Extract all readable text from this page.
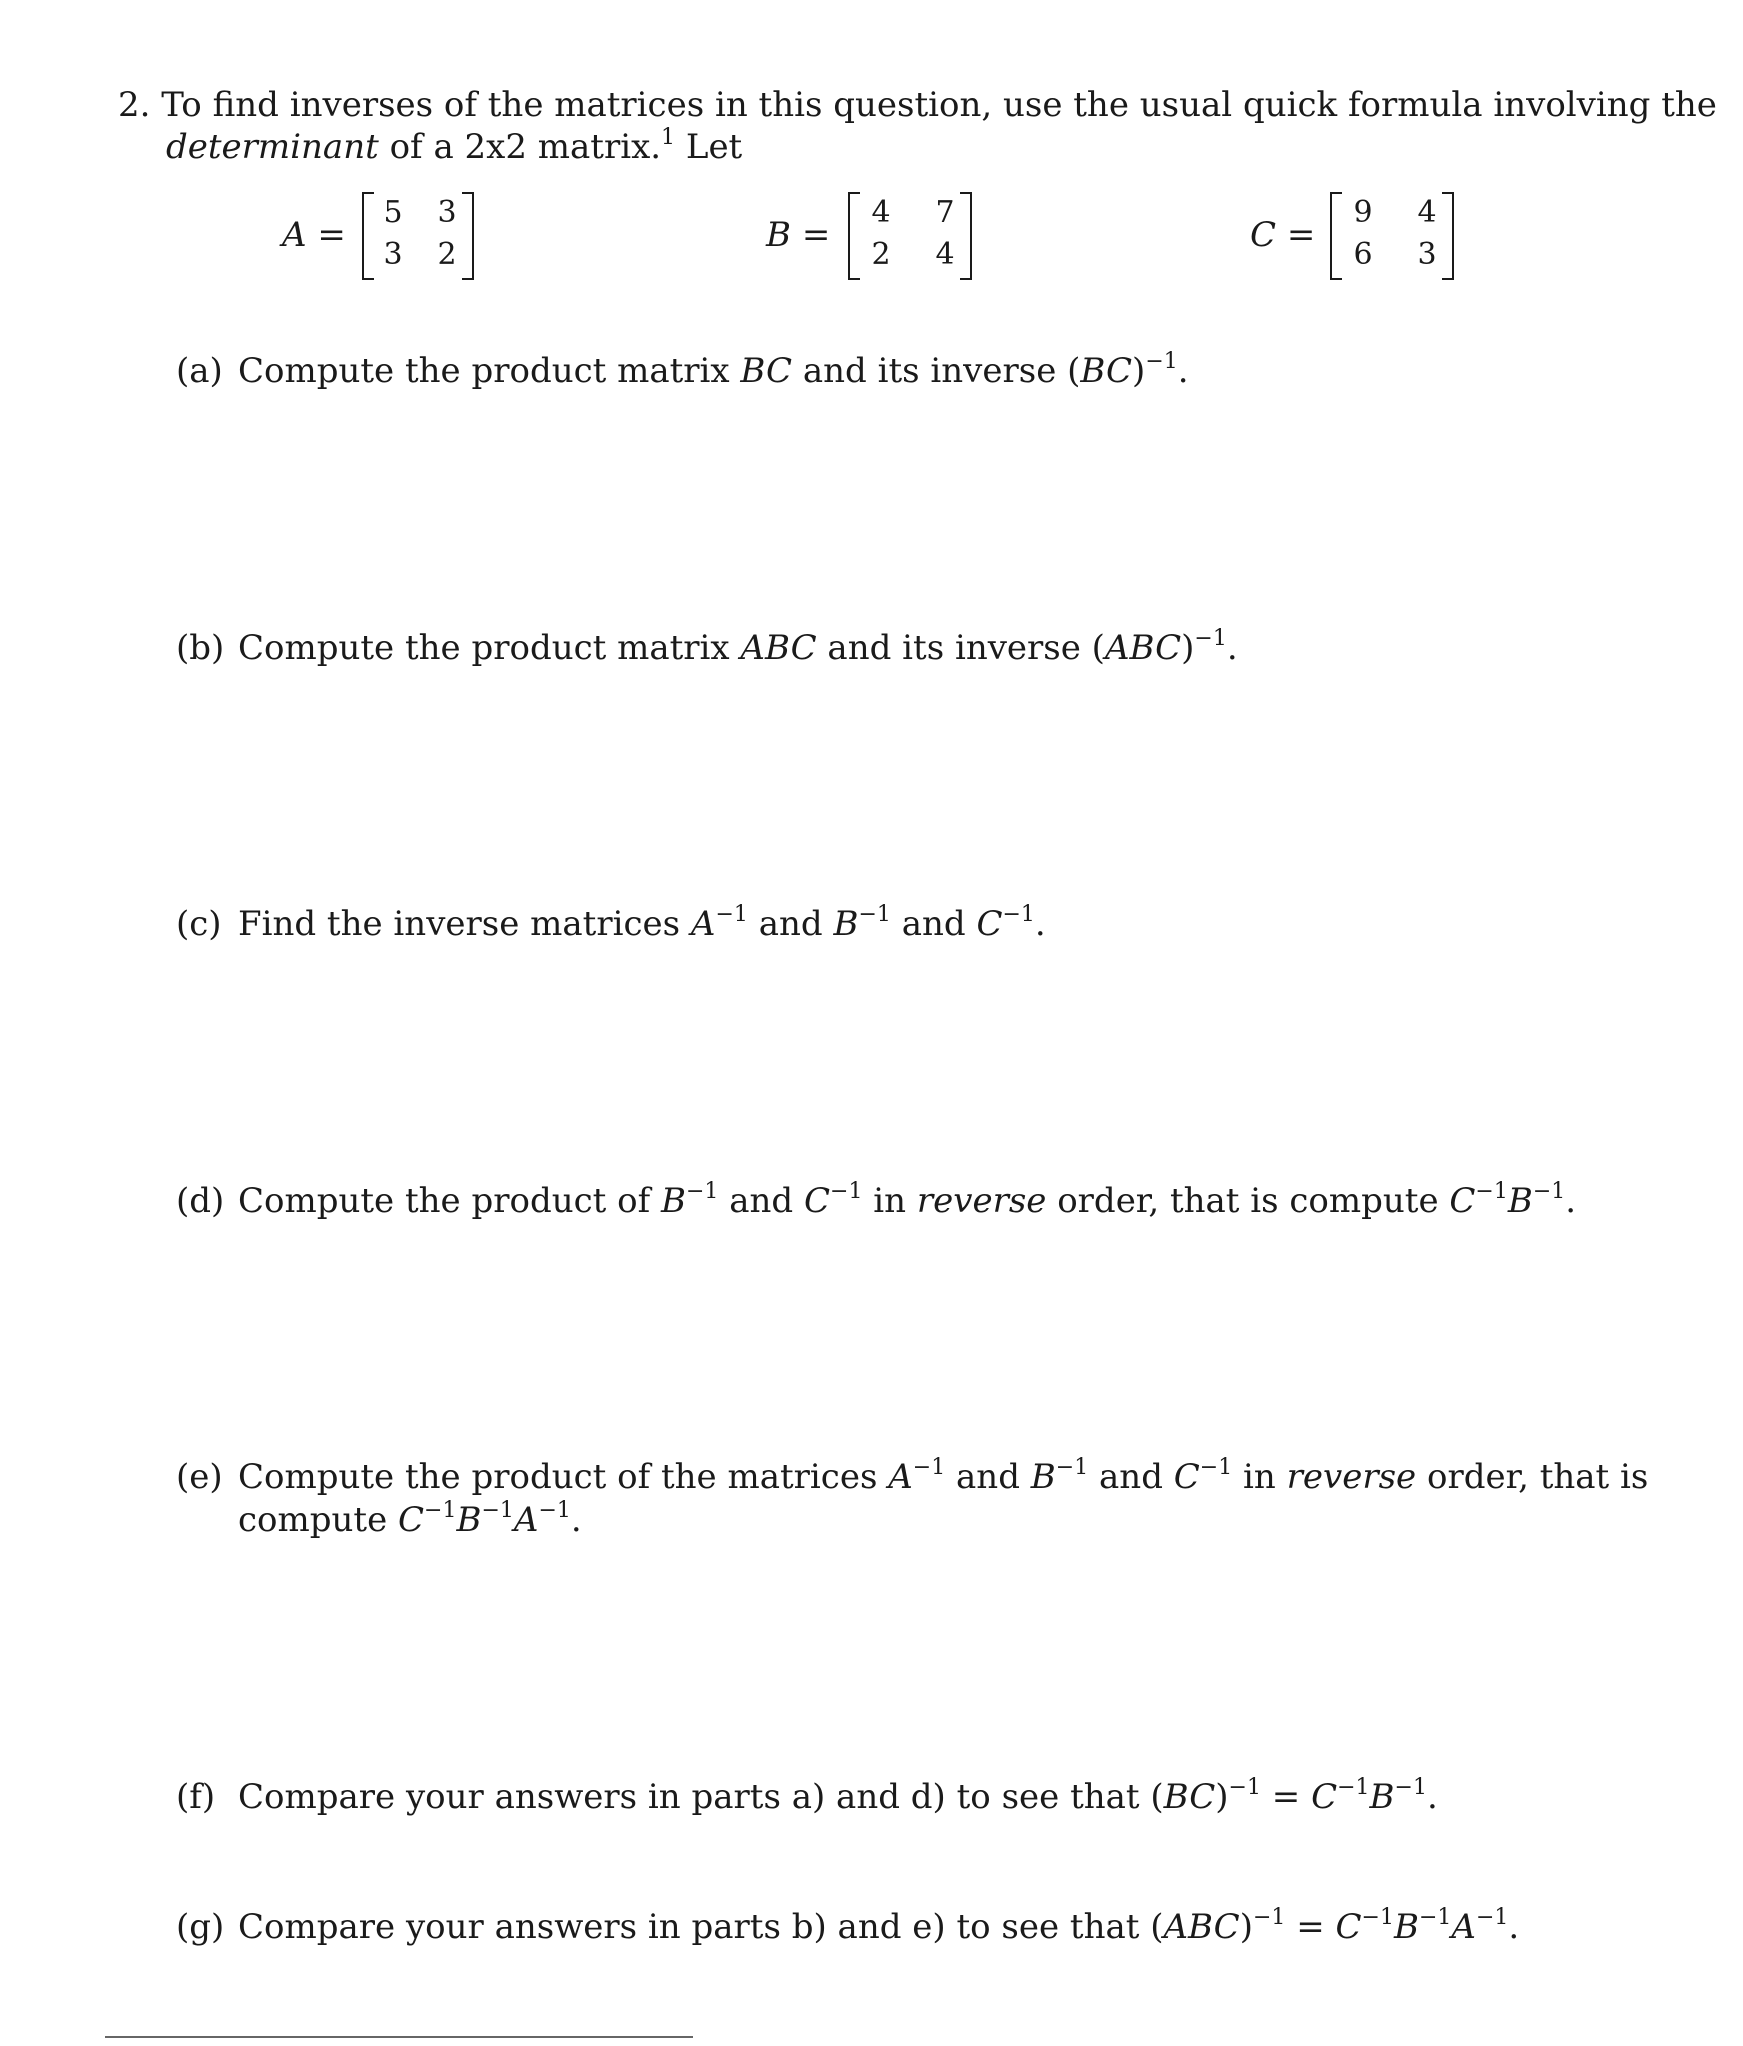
2. To find inverses of the matrices in this question, use the usual quick formula involving the
determinant of a 2x2 matrix.$^1$ Let
A =
5 3
3 2	B =
4 7
2 4	C =
9 4
6 3
(a) Compute the product matrix BC and its inverse (BC)$^{-1}$.
(b) Compute the product matrix ABC and its inverse (ABC)$^{-1}$.
(c) Find the inverse matrices $A^{-1}$ and $B^{-1}$ and $C^{-1}$.
(d) Compute the product of $B^{-1}$ and $C^{-1}$ in reverse order, that is compute $C^{-1}B^{-1}$.
(e) Compute the product of the matrices $A^{-1}$ and $B^{-1}$ and $C^{-1}$ in reverse order, that is
compute $C^{-1}B^{-1}A^{-1}$.
(f) Compare your answers in parts a) and d) to see that $(BC)^{-1} = C^{-1}B^{-1}$.
(g) Compare your answers in parts b) and e) to see that $(ABC)^{-1} = C^{-1}B^{-1}A^{-1}$.
